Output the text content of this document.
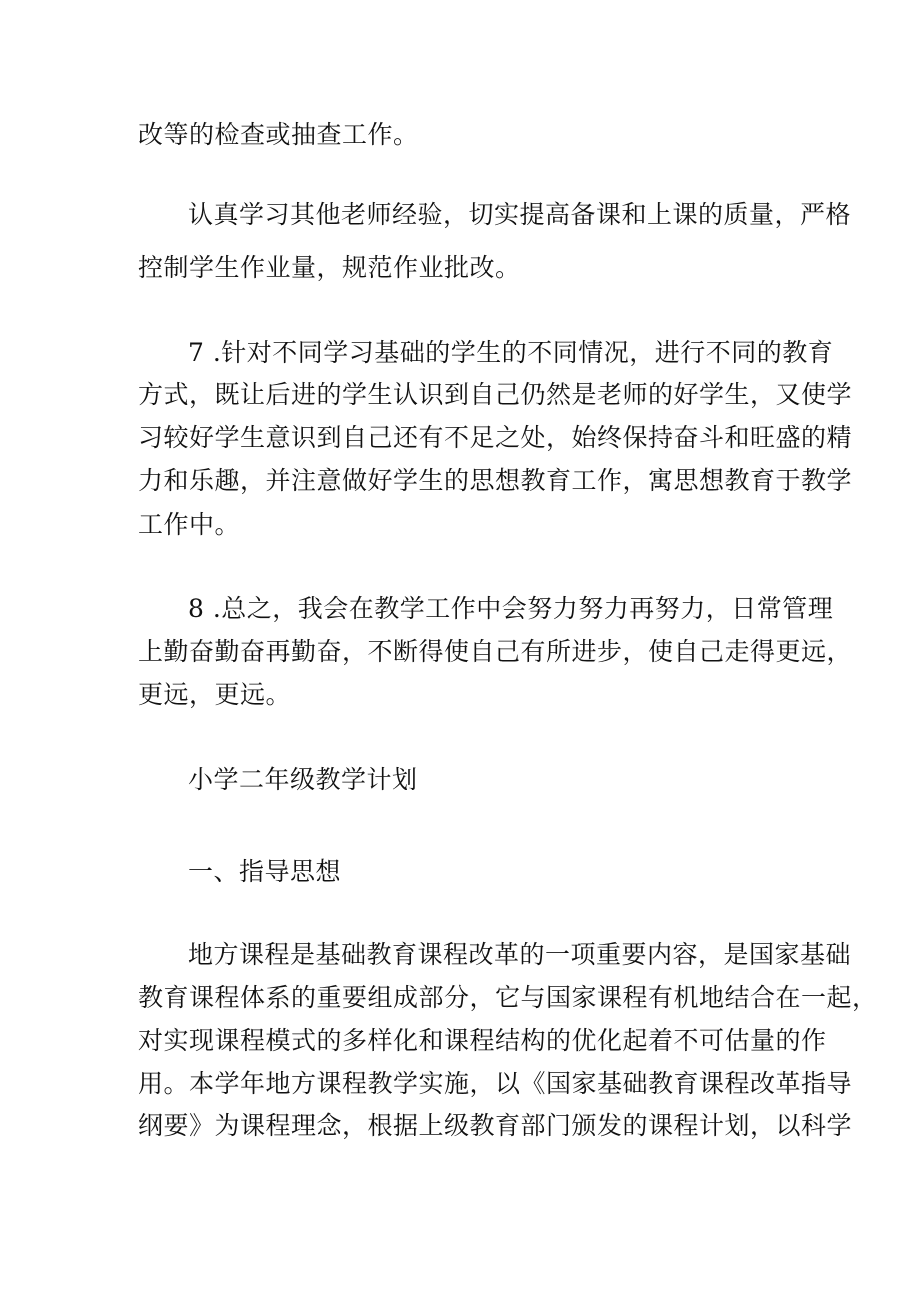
改等的检查或抽查工作。
认真学习其他老师经验，切实提高备课和上课的质量，严格
控制学生作业量，规范作业批改。
7 .针对不同学习基础的学生的不同情况，进行不同的教育
方式，既让后进的学生认识到自己仍然是老师的好学生，又使学
习较好学生意识到自己还有不足之处，始终保持奋斗和旺盛的精
力和乐趣，并注意做好学生的思想教育工作，寓思想教育于教学
工作中。
8 .总之，我会在教学工作中会努力努力再努力，日常管理
上勤奋勤奋再勤奋，不断得使自己有所进步，使自己走得更远，
更远，更远。
小学二年级教学计划
一、指导思想
地方课程是基础教育课程改革的一项重要内容，是国家基础
教育课程体系的重要组成部分，它与国家课程有机地结合在一起，
对实现课程模式的多样化和课程结构的优化起着不可估量的作
用。本学年地方课程教学实施，以《国家基础教育课程改革指导
纲要》为课程理念，根据上级教育部门颁发的课程计划，以科学
